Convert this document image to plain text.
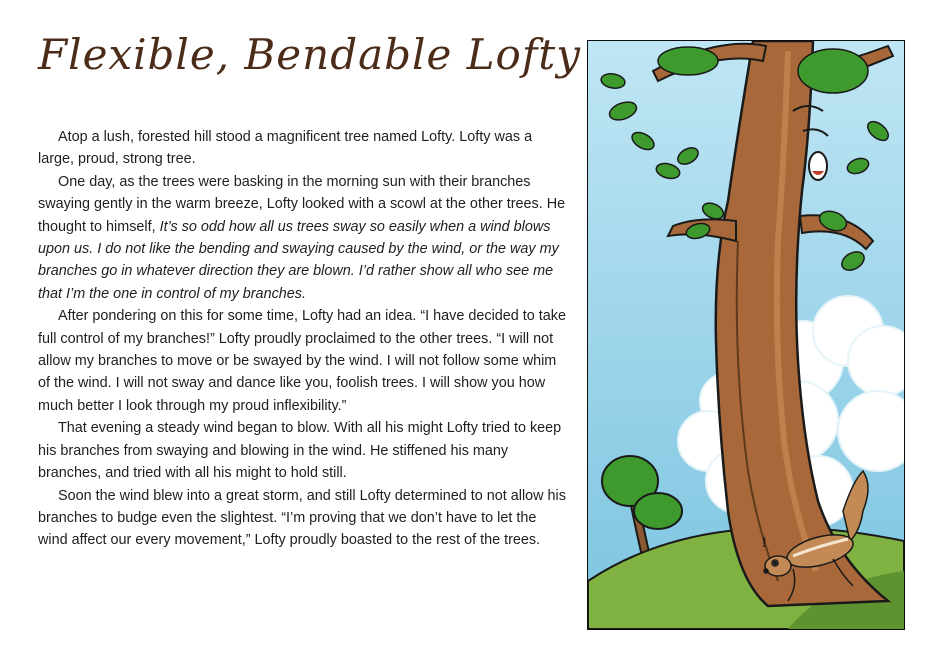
Flexible, Bendable Lofty

Atop a lush, forested hill stood a magnificent tree named Lofty. Lofty was a large, proud, strong tree.

One day, as the trees were basking in the morning sun with their branches swaying gently in the warm breeze, Lofty looked with a scowl at the other trees. He thought to himself, It’s so odd how all us trees sway so easily when a wind blows upon us. I do not like the bending and swaying caused by the wind, or the way my branches go in whatever direction they are blown. I’d rather show all who see me that I’m the one in control of my branches.

After pondering on this for some time, Lofty had an idea. “I have decided to take full control of my branches!” Lofty proudly proclaimed to the other trees. “I will not allow my branches to move or be swayed by the wind. I will not follow some whim of the wind. I will not sway and dance like you, foolish trees. I will show you how much better I look through my proud inflexibility.”

That evening a steady wind began to blow. With all his might Lofty tried to keep his branches from swaying and blowing in the wind. He stiffened his many branches, and tried with all his might to hold still.

Soon the wind blew into a great storm, and still Lofty determined to not allow his branches to budge even the slightest. “I’m proving that we don’t have to let the wind affect our every movement,” Lofty proudly boasted to the rest of the trees.	!
